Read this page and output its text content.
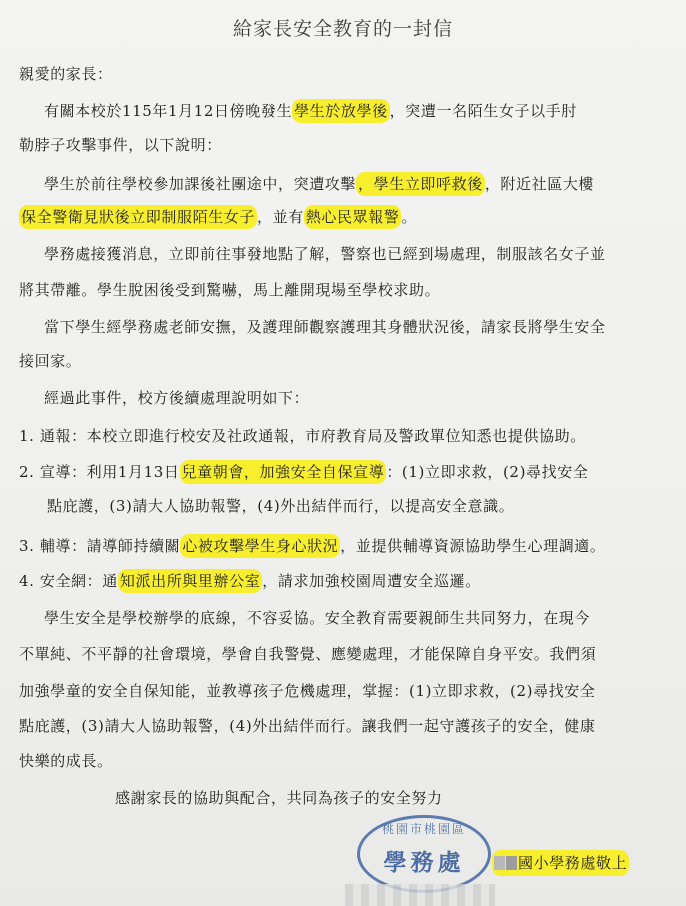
給家長安全教育的一封信
親愛的家長：
有關本校於115年1月12日傍晚發生 學生於放學後 ，突遭一名陌生女子以手肘
勒脖子攻擊事件，以下說明：
學生於前往學校參加課後社團途中，突遭攻擊 ，學生立即呼救後 ，附近社區大樓
保全警衛見狀後立即制服陌生女子 ，並有 熱心民眾報警 。
學務處接獲消息，立即前往事發地點了解，警察也已經到場處理，制服該名女子並
將其帶離。學生脫困後受到驚嚇，馬上離開現場至學校求助。
當下學生經學務處老師安撫，及護理師觀察護理其身體狀況後，請家長將學生安全
接回家。
經過此事件，校方後續處理說明如下：
1. 通報：本校立即進行校安及社政通報，市府教育局及警政單位知悉也提供協助。
2. 宣導：利用1月13日 兒童朝會，加強安全自保宣導 ：(1)立即求救，(2)尋找安全
點庇護，(3)請大人協助報警，(4)外出結伴而行，以提高安全意識。
3. 輔導：請導師持續關 心被攻擊學生身心狀況 ，並提供輔導資源協助學生心理調適。
4. 安全網：通 知派出所與里辦公室 ，請求加強校園周遭安全巡邏。
學生安全是學校辦學的底線，不容妥協。安全教育需要親師生共同努力，在現今
不單純、不平靜的社會環境，學會自我警覺、應變處理，才能保障自身平安。我們須
加強學童的安全自保知能，並教導孩子危機處理，掌握：(1)立即求救，(2)尋找安全
點庇護，(3)請大人協助報警，(4)外出結伴而行。讓我們一起守護孩子的安全，健康
快樂的成長。
感謝家長的協助與配合，共同為孩子的安全努力
桃園市桃園區
學務處	國小學務處敬上
